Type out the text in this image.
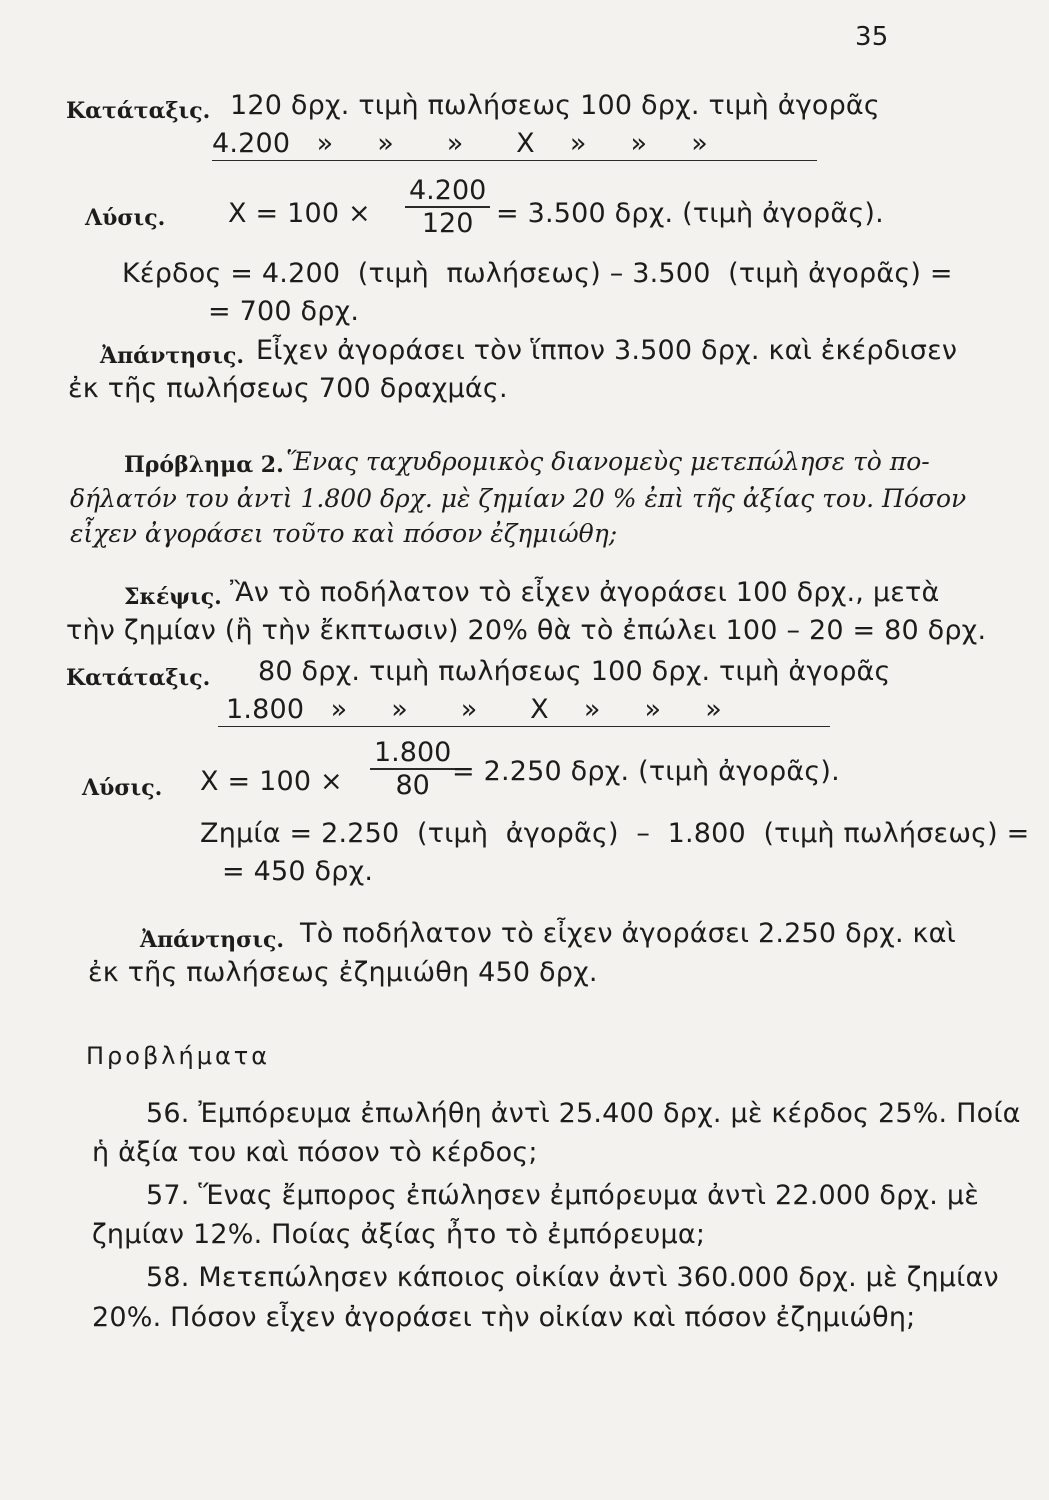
35
Κατάταξις. 120 δρχ. τιμὴ πωλήσεως 100 δρχ. τιμὴ ἀγορᾶς
4.200   »     »      »      X    »     »     »
Λύσις. X = 100 ×
4.200
120 = 3.500 δρχ. (τιμὴ ἀγορᾶς).
Κέρδος = 4.200  (τιμὴ  πωλήσεως) – 3.500  (τιμὴ ἀγορᾶς) =
= 700 δρχ.
Ἀπάντησις. Εἶχεν ἀγοράσει τὸν ἵππον 3.500 δρχ. καὶ ἐκέρδισεν
ἐκ τῆς πωλήσεως 700 δραχμάς.
Πρόβλημα 2. Ἕνας ταχυδρομικὸς διανομεὺς μετεπώλησε τὸ πο-
δήλατόν του ἀντὶ 1.800 δρχ. μὲ ζημίαν 20 % ἐπὶ τῆς ἀξίας του. Πόσον
εἶχεν ἀγοράσει τοῦτο καὶ πόσον ἐζημιώθη;
Σκέψις. Ἂν τὸ ποδήλατον τὸ εἶχεν ἀγοράσει 100 δρχ., μετὰ
τὴν ζημίαν (ἢ τὴν ἔκπτωσιν) 20% θὰ τὸ ἐπώλει 100 – 20 = 80 δρχ.
Κατάταξις. 80 δρχ. τιμὴ πωλήσεως 100 δρχ. τιμὴ ἀγορᾶς
1.800   »     »      »      X    »     »     »
Λύσις. X = 100 ×
1.800
80 = 2.250 δρχ. (τιμὴ ἀγορᾶς).
Ζημία = 2.250  (τιμὴ  ἀγορᾶς)  –  1.800  (τιμὴ πωλήσεως) =
= 450 δρχ.
Ἀπάντησις. Τὸ ποδήλατον τὸ εἶχεν ἀγοράσει 2.250 δρχ. καὶ
ἐκ τῆς πωλήσεως ἐζημιώθη 450 δρχ.
Προβλήματα
56. Ἐμπόρευμα ἐπωλήθη ἀντὶ 25.400 δρχ. μὲ κέρδος 25%. Ποία
ἡ ἀξία του καὶ πόσον τὸ κέρδος;
57. Ἕνας ἔμπορος ἐπώλησεν ἐμπόρευμα ἀντὶ 22.000 δρχ. μὲ
ζημίαν 12%. Ποίας ἀξίας ἦτο τὸ ἐμπόρευμα;
58. Μετεπώλησεν κάποιος οἰκίαν ἀντὶ 360.000 δρχ. μὲ ζημίαν
20%. Πόσον εἶχεν ἀγοράσει τὴν οἰκίαν καὶ πόσον ἐζημιώθη;
